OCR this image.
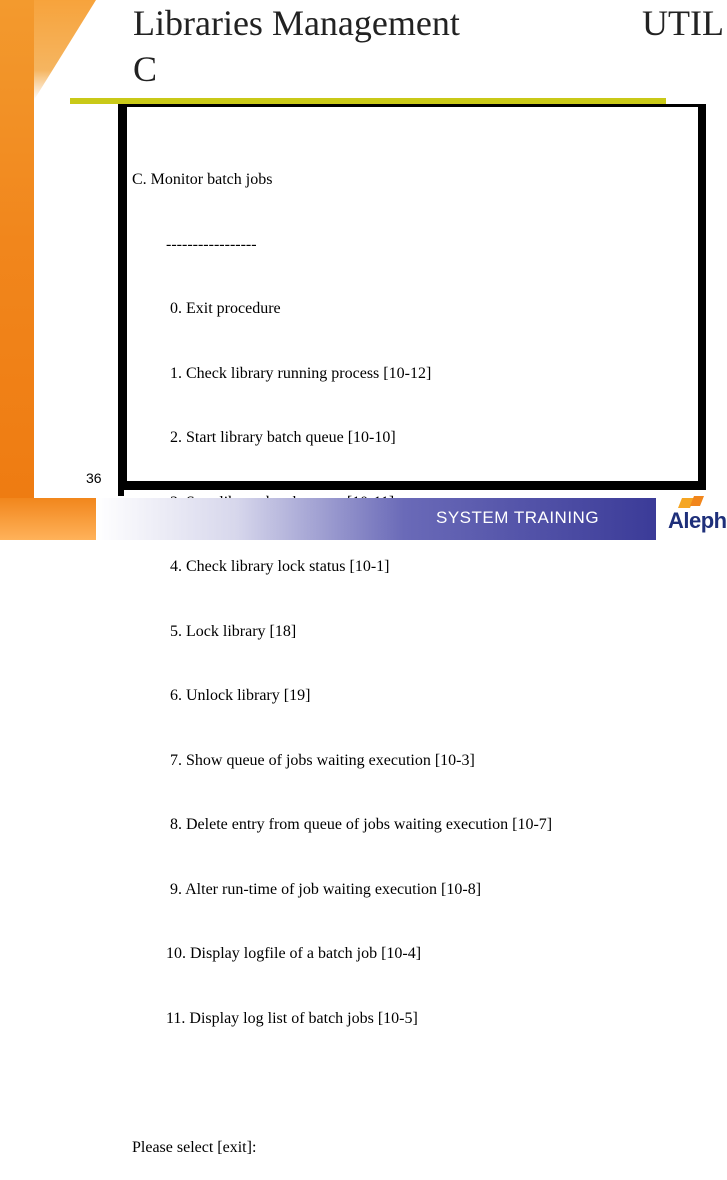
Libraries Management	UTIL
C

C. Monitor batch jobs

-----------------

0. Exit procedure

1. Check library running process [10-12]

2. Start library batch queue [10-10]

4. Check library lock status [10-1]

5. Lock library [18]

6. Unlock library [19]

7. Show queue of jobs waiting execution [10-3]

8. Delete entry from queue of jobs waiting execution [10-7]

9. Alter run-time of job waiting execution [10-8]

10. Display logfile of a batch job [10-4]

11. Display log list of batch jobs [10-5]

Please select [exit]:

36
SYSTEM TRAINING	Aleph
